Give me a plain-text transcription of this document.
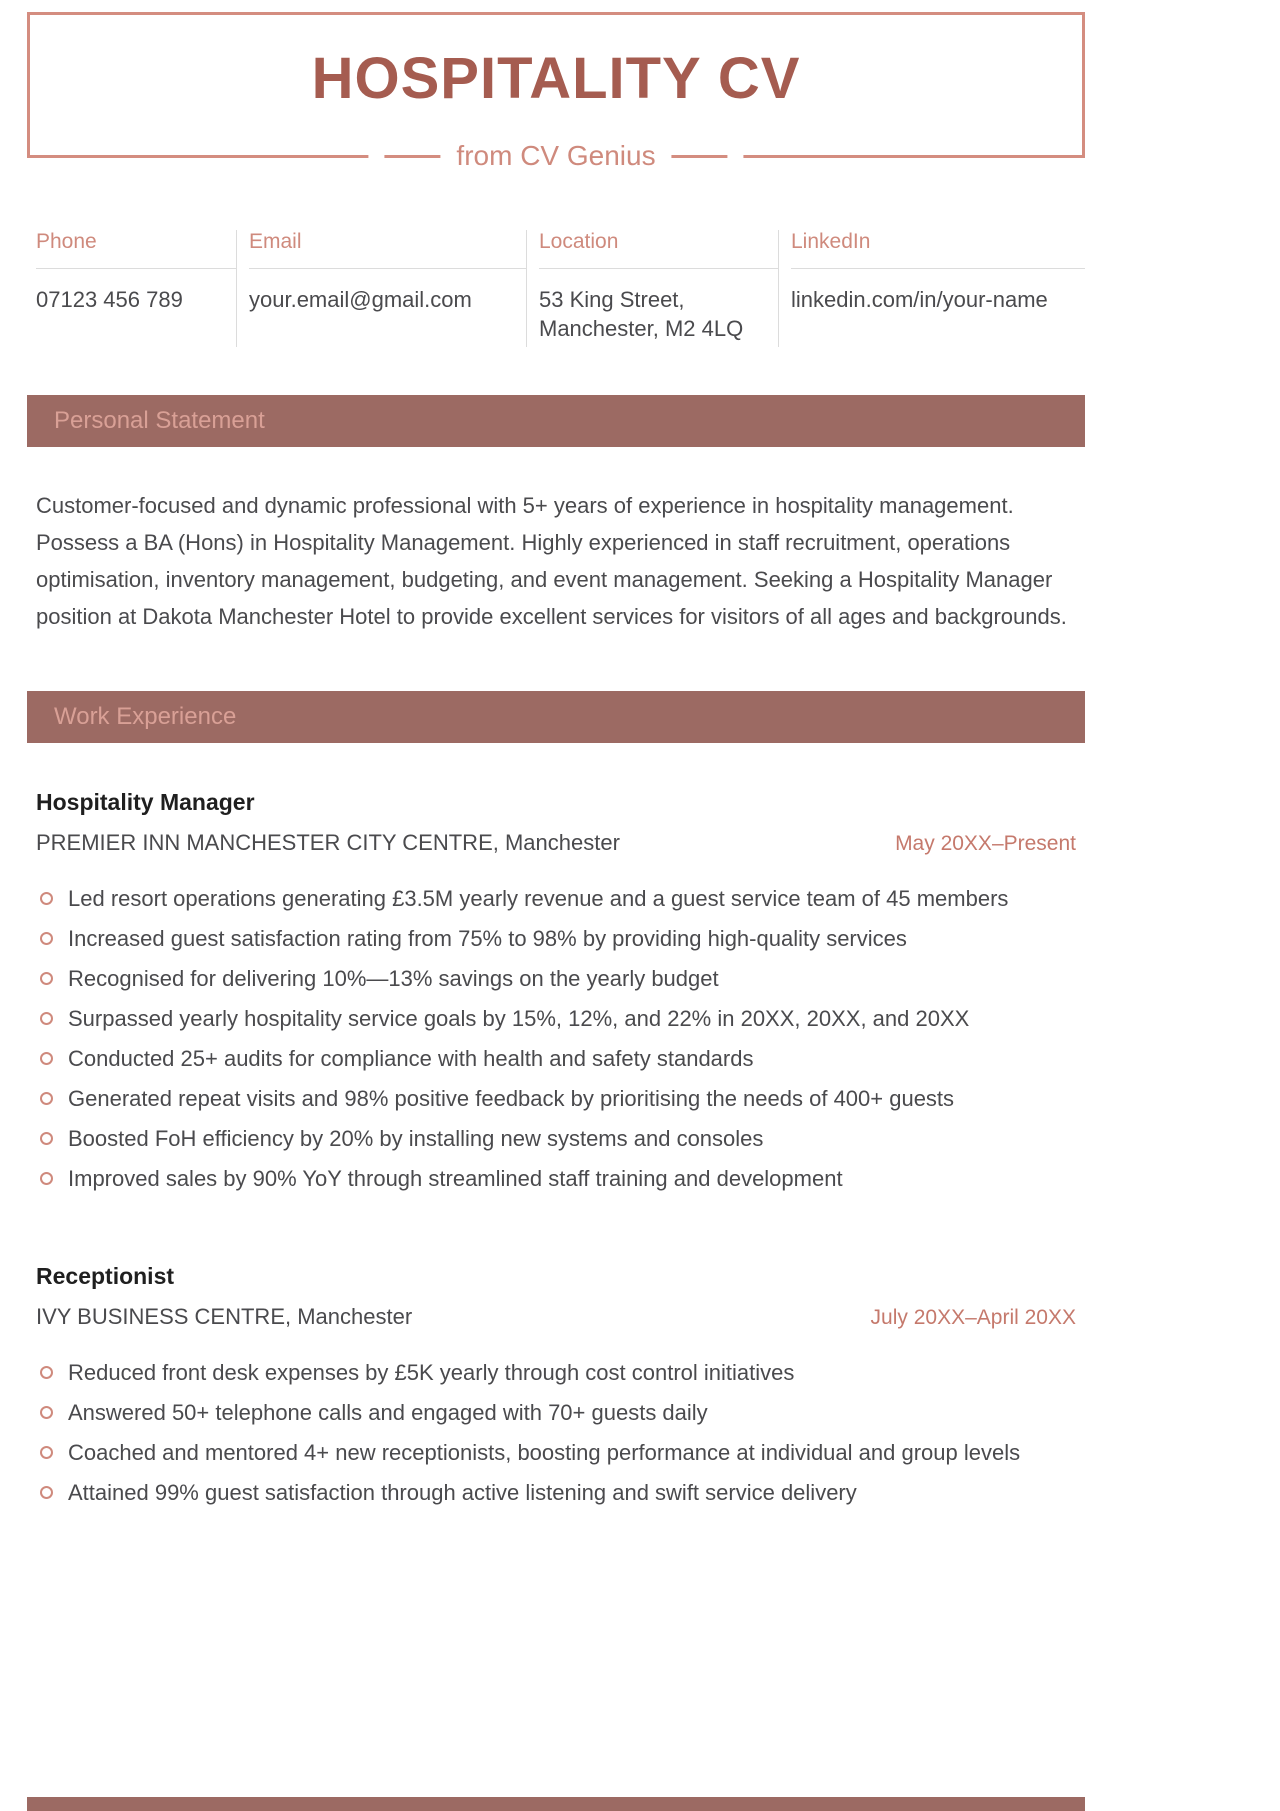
HOSPITALITY CV
from CV Genius
Phone
07123 456 789
Email
your.email@gmail.com
Location
53 King Street, Manchester, M2 4LQ
LinkedIn
linkedin.com/in/your-name
Personal Statement

Customer-focused and dynamic professional with 5+ years of experience in hospitality management. Possess a BA (Hons) in Hospitality Management. Highly experienced in staff recruitment, operations optimisation, inventory management, budgeting, and event management. Seeking a Hospitality Manager position at Dakota Manchester Hotel to provide excellent services for visitors of all ages and backgrounds.

Work Experience
Hospitality Manager
PREMIER INN MANCHESTER CITY CENTRE, Manchester	May 20XX–Present
Led resort operations generating £3.5M yearly revenue and a guest service team of 45 members
Increased guest satisfaction rating from 75% to 98% by providing high-quality services
Recognised for delivering 10%—13% savings on the yearly budget
Surpassed yearly hospitality service goals by 15%, 12%, and 22% in 20XX, 20XX, and 20XX
Conducted 25+ audits for compliance with health and safety standards
Generated repeat visits and 98% positive feedback by prioritising the needs of 400+ guests
Boosted FoH efficiency by 20% by installing new systems and consoles
Improved sales by 90% YoY through streamlined staff training and development
Receptionist
IVY BUSINESS CENTRE, Manchester	July 20XX–April 20XX
Reduced front desk expenses by £5K yearly through cost control initiatives
Answered 50+ telephone calls and engaged with 70+ guests daily
Coached and mentored 4+ new receptionists, boosting performance at individual and group levels
Attained 99% guest satisfaction through active listening and swift service delivery
